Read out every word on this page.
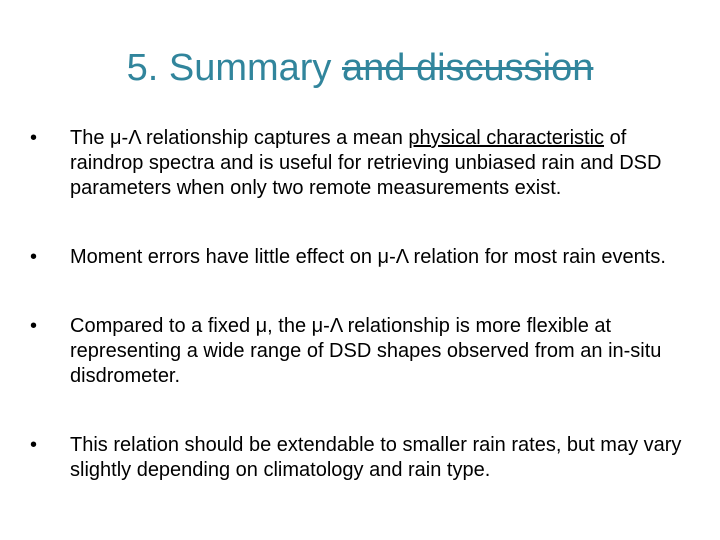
5. Summary and discussion
•	The μ-Λ relationship captures a mean physical characteristic of raindrop spectra and is useful for retrieving unbiased rain and DSD parameters when only two remote measurements exist.
•	Moment errors have little effect on μ-Λ relation for most rain events.
•	Compared to a fixed μ, the μ-Λ relationship is more flexible at representing a wide range of DSD shapes observed from an in-situ disdrometer.
•	This relation should be extendable to smaller rain rates, but may vary slightly depending on climatology and rain type.
